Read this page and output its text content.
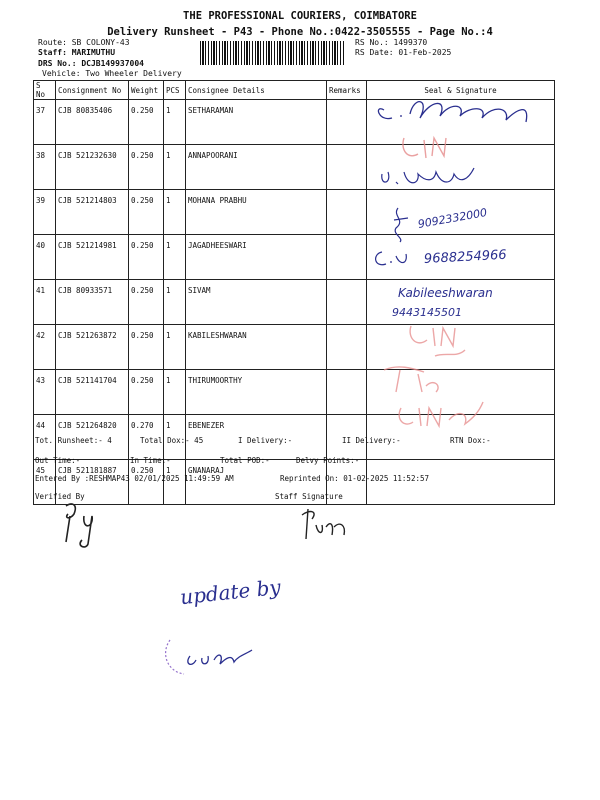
THE PROFESSIONAL COURIERS, COIMBATORE
Delivery Runsheet - P43 - Phone No.:0422-3505555 - Page No.:4
Route: SB COLONY-43
Staff: MARIMUTHU
DRS No.: DCJB149937004
Vehicle: Two Wheeler Delivery
RS No.: 1499370
RS Date: 01-Feb-2025
S No	Consignment No	Weight	PCS	Consignee Details	Remarks	Seal & Signature
37	CJB 80835406	0.250	1	SETHARAMAN		
38	CJB 521232630	0.250	1	ANNAPOORANI		
39	CJB 521214803	0.250	1	MOHANA PRABHU		
40	CJB 521214981	0.250	1	JAGADHEESWARI		
41	CJB 80933571	0.250	1	SIVAM		
42	CJB 521263872	0.250	1	KABILESHWARAN		
43	CJB 521141704	0.250	1	THIRUMOORTHY		
44	CJB 521264820	0.270	1	EBENEZER		
45	CJB 521181887	0.250	1	GNANARAJ		
9092332000
9688254966
Kabileeshwaran
9443145501
Tot. Runsheet:- 4	Total Dox:- 45	I Delivery:-	II Delivery:-	RTN Dox:-
Out Time:-	In Time:-	Total POD:-	Delvy Points:-
Entered By :RESHMAP43 02/01/2025 11:49:59 AM	Reprinted On: 01-02-2025 11:52:57
Verified By	Staff Signature
update by
